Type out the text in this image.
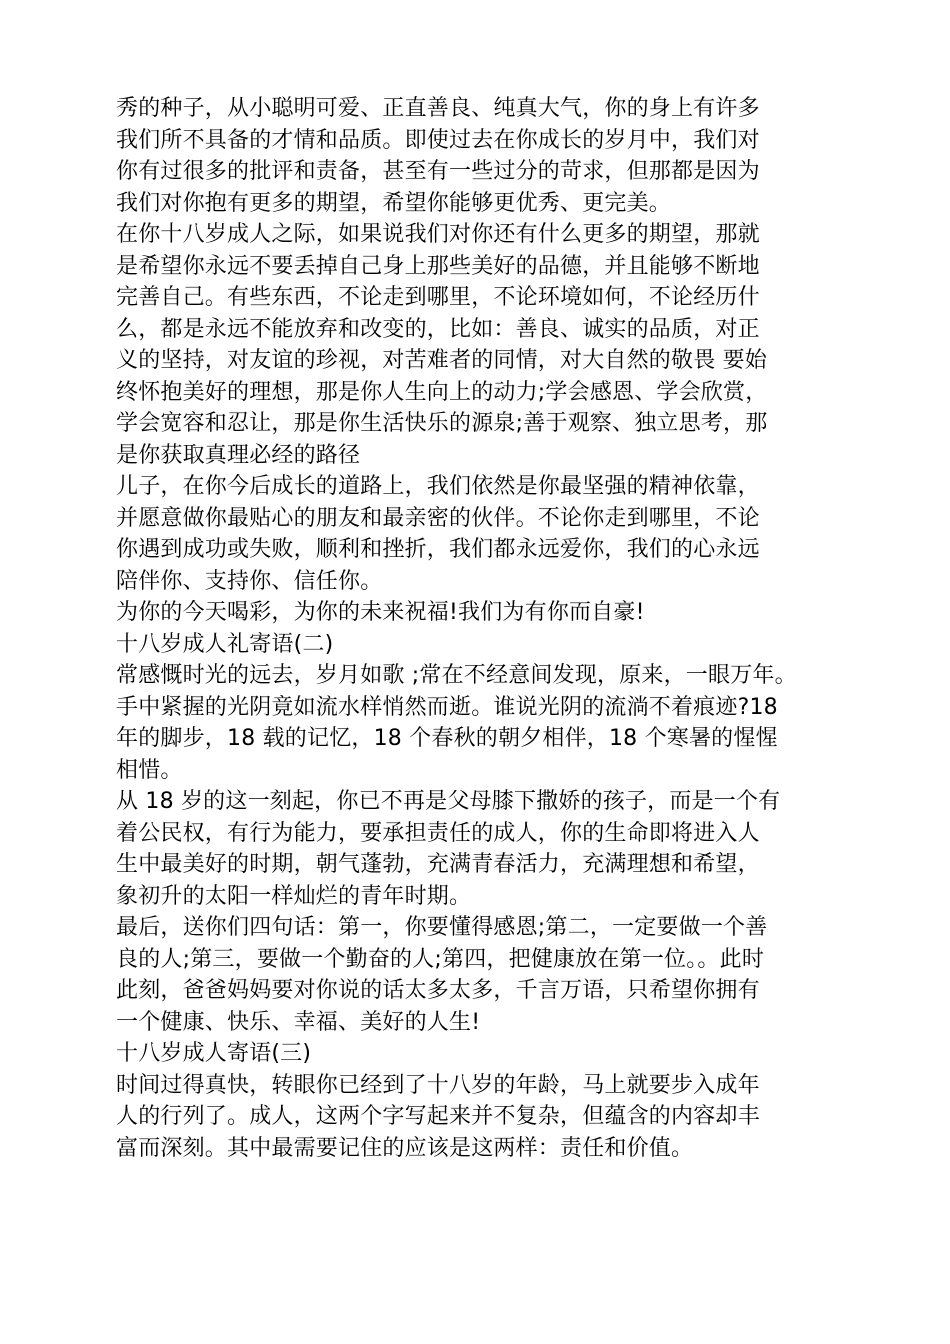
秀的种子，从小聪明可爱、正直善良、纯真大气，你的身上有许多
我们所不具备的才情和品质。即使过去在你成长的岁月中，我们对
你有过很多的批评和责备，甚至有一些过分的苛求，但那都是因为
我们对你抱有更多的期望，希望你能够更优秀、更完美。
在你十八岁成人之际，如果说我们对你还有什么更多的期望，那就
是希望你永远不要丢掉自己身上那些美好的品德，并且能够不断地
完善自己。有些东西，不论走到哪里，不论环境如何，不论经历什
么，都是永远不能放弃和改变的，比如：善良、诚实的品质，对正
义的坚持，对友谊的珍视，对苦难者的同情，对大自然的敬畏 要始
终怀抱美好的理想，那是你人生向上的动力;学会感恩、学会欣赏，
学会宽容和忍让，那是你生活快乐的源泉;善于观察、独立思考，那
是你获取真理必经的路径
儿子，在你今后成长的道路上，我们依然是你最坚强的精神依靠，
并愿意做你最贴心的朋友和最亲密的伙伴。不论你走到哪里，不论
你遇到成功或失败，顺利和挫折，我们都永远爱你，我们的心永远
陪伴你、支持你、信任你。
为你的今天喝彩，为你的未来祝福!我们为有你而自豪!
十八岁成人礼寄语(二)
常感慨时光的远去，岁月如歌 ;常在不经意间发现，原来，一眼万年。
手中紧握的光阴竟如流水样悄然而逝。谁说光阴的流淌不着痕迹?18
年的脚步，18 载的记忆，18 个春秋的朝夕相伴，18 个寒暑的惺惺
相惜。
从 18 岁的这一刻起，你已不再是父母膝下撒娇的孩子，而是一个有
着公民权，有行为能力，要承担责任的成人，你的生命即将进入人
生中最美好的时期，朝气蓬勃，充满青春活力，充满理想和希望，
象初升的太阳一样灿烂的青年时期。
最后，送你们四句话：第一，你要懂得感恩;第二，一定要做一个善
良的人;第三，要做一个勤奋的人;第四，把健康放在第一位。。此时
此刻，爸爸妈妈要对你说的话太多太多，千言万语，只希望你拥有
一个健康、快乐、幸福、美好的人生!
十八岁成人寄语(三)
时间过得真快，转眼你已经到了十八岁的年龄，马上就要步入成年
人的行列了。成人，这两个字写起来并不复杂，但蕴含的内容却丰
富而深刻。其中最需要记住的应该是这两样：责任和价值。
